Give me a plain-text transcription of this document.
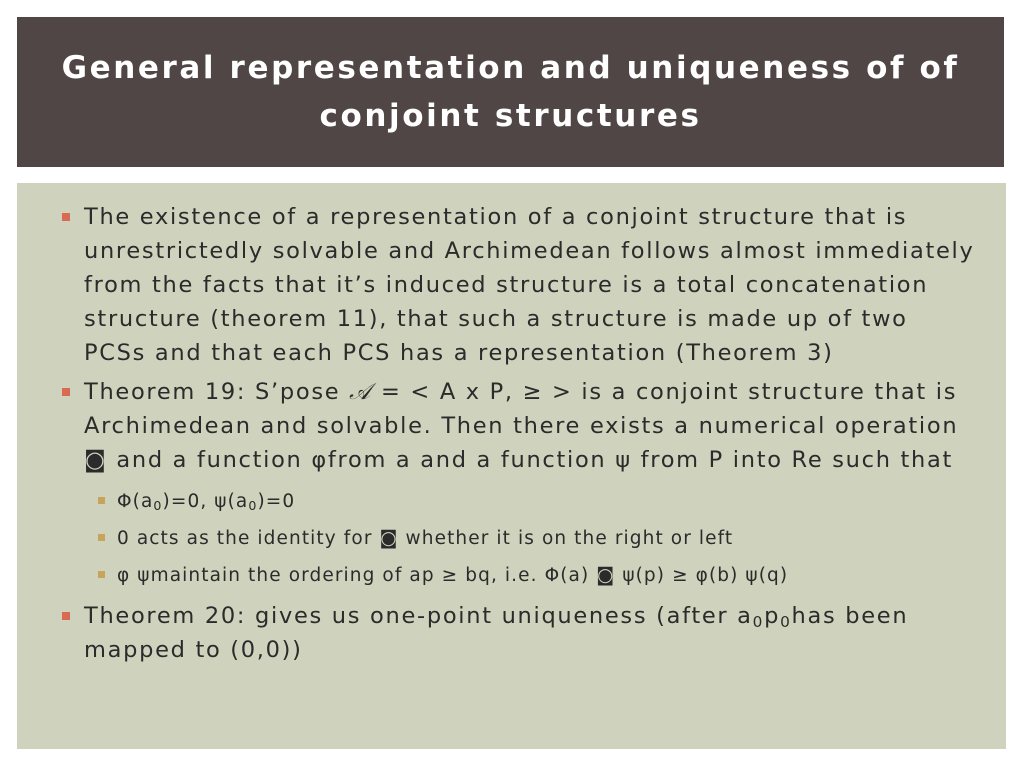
General representation and uniqueness of of conjoint structures
The existence of a representation of a conjoint structure that is unrestrictedly solvable and Archimedean follows almost immediately from the facts that it’s induced structure is a total concatenation structure (theorem 11), that such a structure is made up of two PCSs and that each PCS has a representation (Theorem 3)
Theorem 19: S’pose 𝒜 = < A x P, ≥ > is a conjoint structure that is Archimedean and solvable. Then there exists a numerical operation ◙ and a function φfrom a and a function ψ from P into Re such that
$\Phi(a_0)=0$, $\psi(a_0)=0$
0 acts as the identity for ◙ whether it is on the right or left
φ ψmaintain the ordering of ap ≥ bq, i.e. Φ(a) ◙ ψ(p) ≥ φ(b) ψ(q)
Theorem 20: gives us one-point uniqueness (after $a_0p_0has$ been mapped to (0,0))
